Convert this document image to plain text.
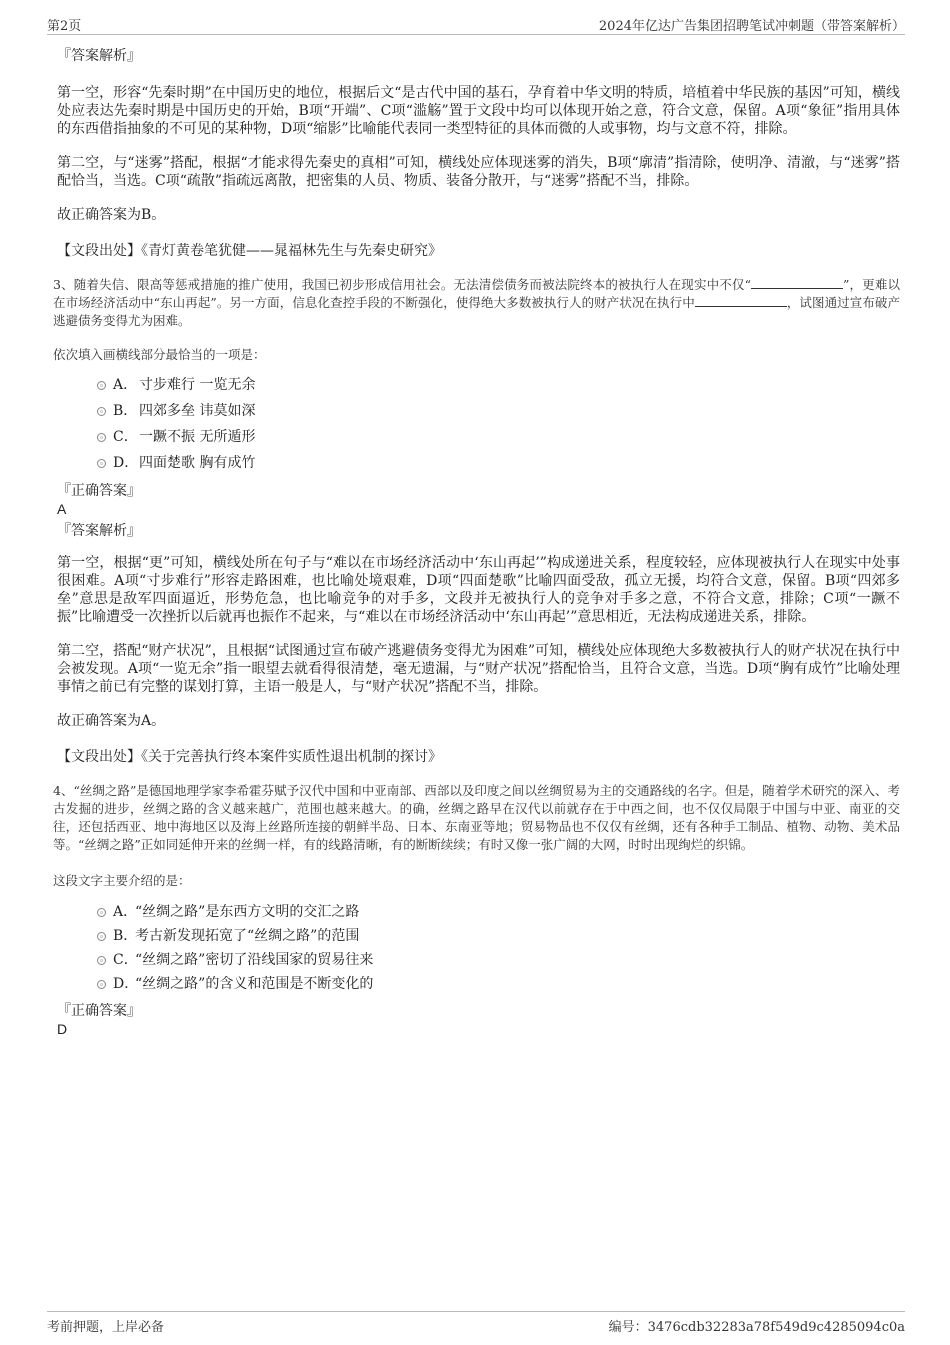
第2页	2024年亿达广告集团招聘笔试冲刺题（带答案解析）
『答案解析』

第一空，形容“先秦时期”在中国历史的地位，根据后文“是古代中国的基石，孕育着中华文明的特质，培植着中华民族的基因”可知，横线处应表达先秦时期是中国历史的开始，B项“开端”、C项“滥觞”置于文段中均可以体现开始之意，符合文意，保留。A项“象征”指用具体的东西借指抽象的不可见的某种物，D项“缩影”比喻能代表同一类型特征的具体而微的人或事物，均与文意不符，排除。

第二空，与“迷雾”搭配，根据“才能求得先秦史的真相”可知，横线处应体现迷雾的消失，B项“廓清”指清除，使明净、清澈，与“迷雾”搭配恰当，当选。C项“疏散”指疏远离散，把密集的人员、物质、装备分散开，与“迷雾”搭配不当，排除。

故正确答案为B。

【文段出处】《青灯黄卷笔犹健——晁福林先生与先秦史研究》

3、随着失信、限高等惩戒措施的推广使用，我国已初步形成信用社会。无法清偿债务而被法院终本的被执行人在现实中不仅“	”，更难以在市场经济活动中“东山再起”。另一方面，信息化查控手段的不断强化，使得绝大多数被执行人的财产状况在执行中	，试图通过宣布破产逃避债务变得尤为困难。

依次填入画横线部分最恰当的一项是：

A． 寸步难行 一览无余
B． 四郊多垒 讳莫如深
C． 一蹶不振 无所遁形
D． 四面楚歌 胸有成竹
『正确答案』

A

『答案解析』

第一空，根据“更”可知，横线处所在句子与“难以在市场经济活动中‘东山再起’”构成递进关系，程度较轻，应体现被执行人在现实中处事很困难。A项“寸步难行”形容走路困难，也比喻处境艰难，D项“四面楚歌”比喻四面受敌，孤立无援，均符合文意，保留。B项“四郊多垒”意思是敌军四面逼近，形势危急，也比喻竞争的对手多，文段并无被执行人的竞争对手多之意，不符合文意，排除；C项“一蹶不振”比喻遭受一次挫折以后就再也振作不起来，与“难以在市场经济活动中‘东山再起’”意思相近，无法构成递进关系，排除。

第二空，搭配“财产状况”，且根据“试图通过宣布破产逃避债务变得尤为困难”可知，横线处应体现绝大多数被执行人的财产状况在执行中会被发现。A项“一览无余”指一眼望去就看得很清楚，毫无遗漏，与“财产状况”搭配恰当，且符合文意，当选。D项“胸有成竹”比喻处理事情之前已有完整的谋划打算，主语一般是人，与“财产状况”搭配不当，排除。

故正确答案为A。

【文段出处】《关于完善执行终本案件实质性退出机制的探讨》

4、“丝绸之路”是德国地理学家李希霍芬赋予汉代中国和中亚南部、西部以及印度之间以丝绸贸易为主的交通路线的名字。但是，随着学术研究的深入、考古发掘的进步，丝绸之路的含义越来越广，范围也越来越大。的确，丝绸之路早在汉代以前就存在于中西之间，也不仅仅局限于中国与中亚、南亚的交往，还包括西亚、地中海地区以及海上丝路所连接的朝鲜半岛、日本、东南亚等地；贸易物品也不仅仅有丝绸，还有各种手工制品、植物、动物、美术品等。“丝绸之路”正如同延伸开来的丝绸一样，有的线路清晰，有的断断续续；有时又像一张广阔的大网，时时出现绚烂的织锦。

这段文字主要介绍的是：

A．
“丝绸之路”是东西方文明的交汇之路
B．
考古新发现拓宽了“丝绸之路”的范围
C．
“丝绸之路”密切了沿线国家的贸易往来
D．
“丝绸之路”的含义和范围是不断变化的
『正确答案』

D

考前押题，上岸必备	编号：3476cdb32283a78f549d9c4285094c0a
